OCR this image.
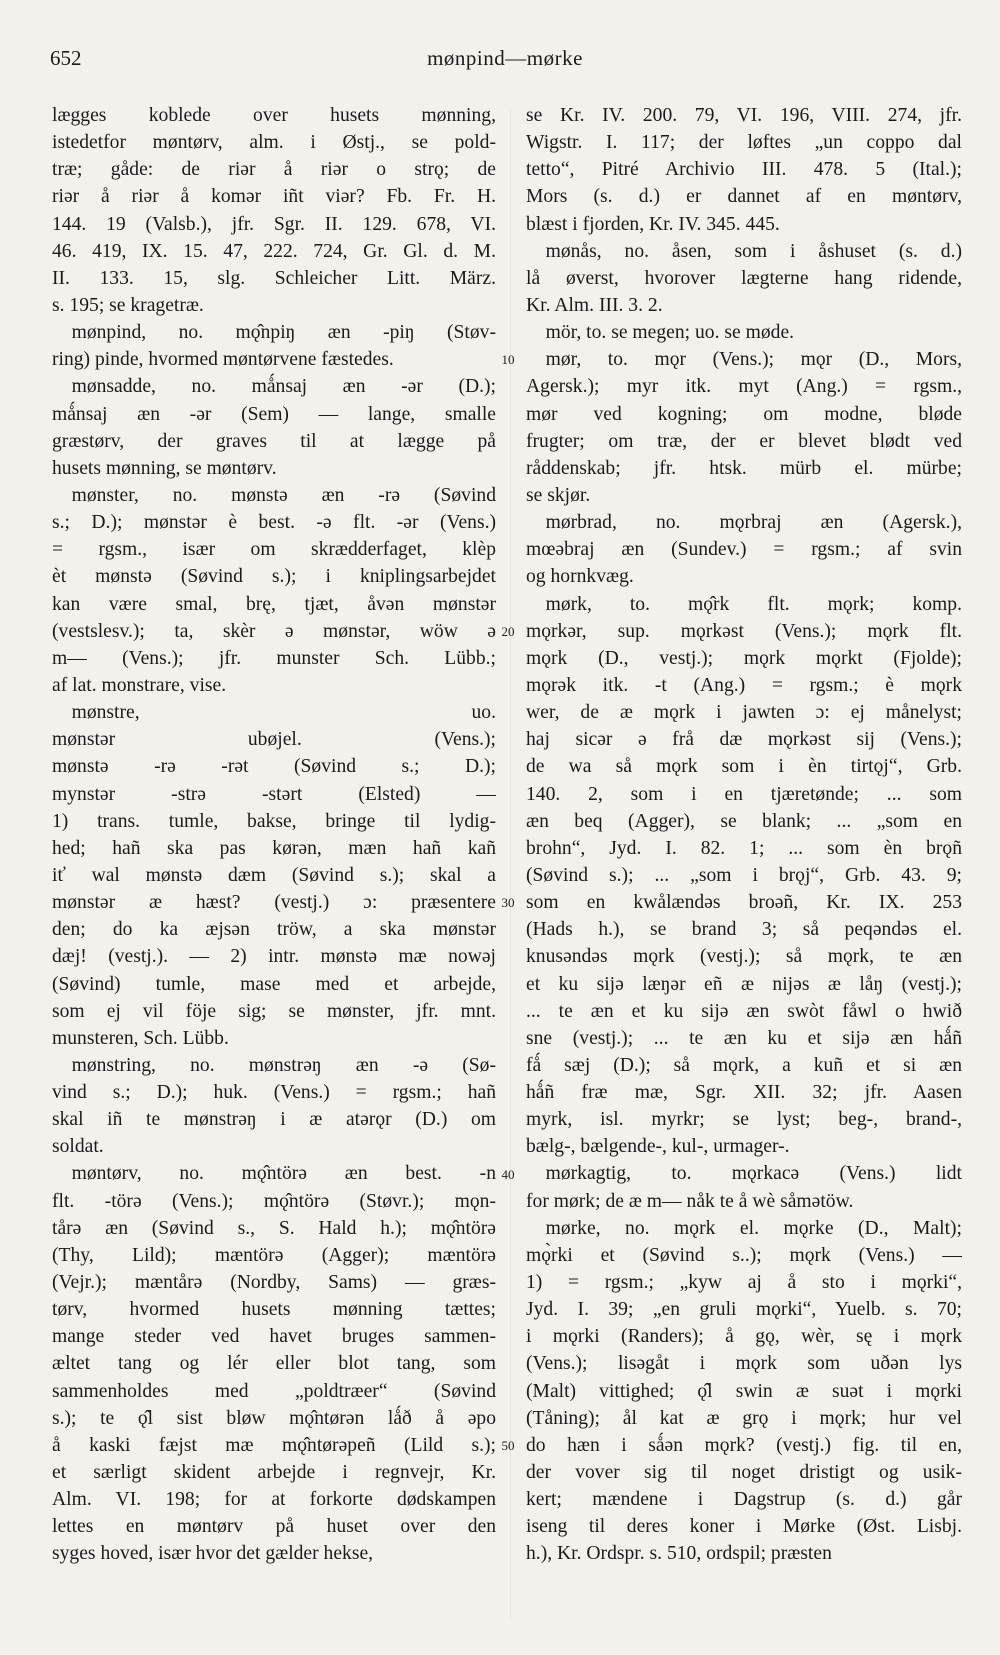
652	mønpind—mørke
lægges koblede over husets mønning,
istedetfor møntørv, alm. i Østj., se pold-
træ; gåde: de riər å riər o strǫ; de
riər å riər å komər iñt viər? Fb. Fr. H.
144. 19 (Valsb.), jfr. Sgr. II. 129. 678, VI.
46. 419, IX. 15. 47, 222. 724, Gr. Gl. d. M.
II. 133. 15, slg. Schleicher Litt. März.
s. 195; se kragetræ.
 mønpind, no. mǫ̂npiŋ æn -piŋ (Støv-
ring) pinde, hvormed møntørvene fæstedes.
 mønsadde, no. mǻnsaj æn -ər (D.);
mǻnsaj æn -ər (Sem) — lange, smalle
græstørv, der graves til at lægge på
husets mønning, se møntørv.
 mønster, no. mønstə æn -rə (Søvind
s.; D.); mønstər è best. -ə flt. -ər (Vens.)
= rgsm., især om skrædderfaget, klèp
èt mønstə (Søvind s.); i kniplingsarbejdet
kan være smal, brę, tjæt, åvən mønstər
(vestslesv.); ta, skèr ə mønstər, wöw ə
m— (Vens.); jfr. munster Sch. Lübb.;
af lat. monstrare, vise.
 mønstre, uo.
mønstər ubøjel. (Vens.);
mønstə -rə -rət (Søvind s.; D.);
mynstər -strə -stərt (Elsted) —
1) trans. tumle, bakse, bringe til lydig-
hed; hañ ska pas kørən, mæn hañ kañ
iť wal mønstə dæm (Søvind s.); skal a
mønstər æ hæst? (vestj.) ɔ: præsentere
den; do ka æjsən tröw, a ska mønstər
dæj! (vestj.). — 2) intr. mønstə mæ nowəj
(Søvind) tumle, mase med et arbejde,
som ej vil föje sig; se mønster, jfr. mnt.
munsteren, Sch. Lübb.
 mønstring, no. mønstrəŋ æn -ə (Sø-
vind s.; D.); huk. (Vens.) = rgsm.; hañ
skal iñ te mønstrəŋ i æ atərǫr (D.) om
soldat.
 møntørv, no. mǫ̂ntörə æn best. -n
flt. -törə (Vens.); mǫ̂ntörə (Støvr.); mǫn-
tårə æn (Søvind s., S. Hald h.); mǫ̂ntörə
(Thy, Lild); mæntörə (Agger); mæntörə
(Vejr.); mæntårə (Nordby, Sams) — græs-
tørv, hvormed husets mønning tættes;
mange steder ved havet bruges sammen-
æltet tang og lér eller blot tang, som
sammenholdes med „poldtræer“ (Søvind
s.); te ǫ̂l sist bløw mǫ̂ntørən lǻð å əpo
å kaski fæjst mæ mǫ̂ntørəpeñ (Lild s.);
et særligt skident arbejde i regnvejr, Kr.
Alm. VI. 198; for at forkorte dødskampen
lettes en møntørv på huset over den
syges hoved, især hvor det gælder hekse,
se Kr. IV. 200. 79, VI. 196, VIII. 274, jfr.
Wigstr. I. 117; der løftes „un coppo dal
tetto“, Pitré Archivio III. 478. 5 (Ital.);
Mors (s. d.) er dannet af en møntørv,
blæst i fjorden, Kr. IV. 345. 445.
 mønås, no. åsen, som i åshuset (s. d.)
lå øverst, hvorover lægterne hang ridende,
Kr. Alm. III. 3. 2.
 mör, to. se megen; uo. se møde.
 mør, to. mǫr (Vens.); mǫr (D., Mors,
Agersk.); myr itk. myt (Ang.) = rgsm.,
mør ved kogning; om modne, bløde
frugter; om træ, der er blevet blødt ved
råddenskab; jfr. htsk. mürb el. mürbe;
se skjør.
 mørbrad, no. mǫrbraj æn (Agersk.),
mœəbraj æn (Sundev.) = rgsm.; af svin
og hornkvæg.
 mørk, to. mǫ̂rk flt. mǫrk; komp.
mǫrkər, sup. mǫrkəst (Vens.); mǫrk flt.
mǫrk (D., vestj.); mǫrk mǫrkt (Fjolde);
mǫrək itk. -t (Ang.) = rgsm.; è mǫrk
wer, de æ mǫrk i jawten ɔ: ej månelyst;
haj sicər ə frå dæ mǫrkəst sij (Vens.);
de wa så mǫrk som i èn tirtǫj“, Grb.
140. 2, som i en tjæretønde; ... som
æn beq (Agger), se blank; ... „som en
brohn“, Jyd. I. 82. 1; ... som èn brǫñ
(Søvind s.); ... „som i brǫj“, Grb. 43. 9;
som en kwålændəs broəñ, Kr. IX. 253
(Hads h.), se brand 3; så peqəndəs el.
knusəndəs mǫrk (vestj.); så mǫrk, te æn
et ku sijə læŋər eñ æ nijəs æ låŋ (vestj.);
... te æn et ku sijə æn swòt fåwl o hwið
sne (vestj.); ... te æn ku et sijə æn hǻñ
fǻ sæj (D.); så mǫrk, a kuñ et si æn
hǻñ fræ mæ, Sgr. XII. 32; jfr. Aasen
myrk, isl. myrkr; se lyst; beg-, brand-,
bælg-, bælgende-, kul-, urmager-.
 mørkagtig, to. mǫrkacə (Vens.) lidt
for mørk; de æ m— nåk te å wè såmətöw.
 mørke, no. mǫrk el. mǫrke (D., Malt);
mǫ̀rki et (Søvind s..); mǫrk (Vens.) —
1) = rgsm.; „kyw aj å sto i mǫrki“,
Jyd. I. 39; „en gruli mǫrki“, Yuelb. s. 70;
i mǫrki (Randers); å gǫ, wèr, sę i mǫrk
(Vens.); lisəgåt i mǫrk som uðən lys
(Malt) vittighed; ǫ̂l swin æ suət i mǫrki
(Tåning); ål kat æ grǫ i mǫrk; hur vel
do hæn i sǻən mǫrk? (vestj.) fig. til en,
der vover sig til noget dristigt og usik-
kert; mændene i Dagstrup (s. d.) går
iseng til deres koner i Mørke (Øst. Lisbj.
h.), Kr. Ordspr. s. 510, ordspil; præsten
10
20
30
40
50
